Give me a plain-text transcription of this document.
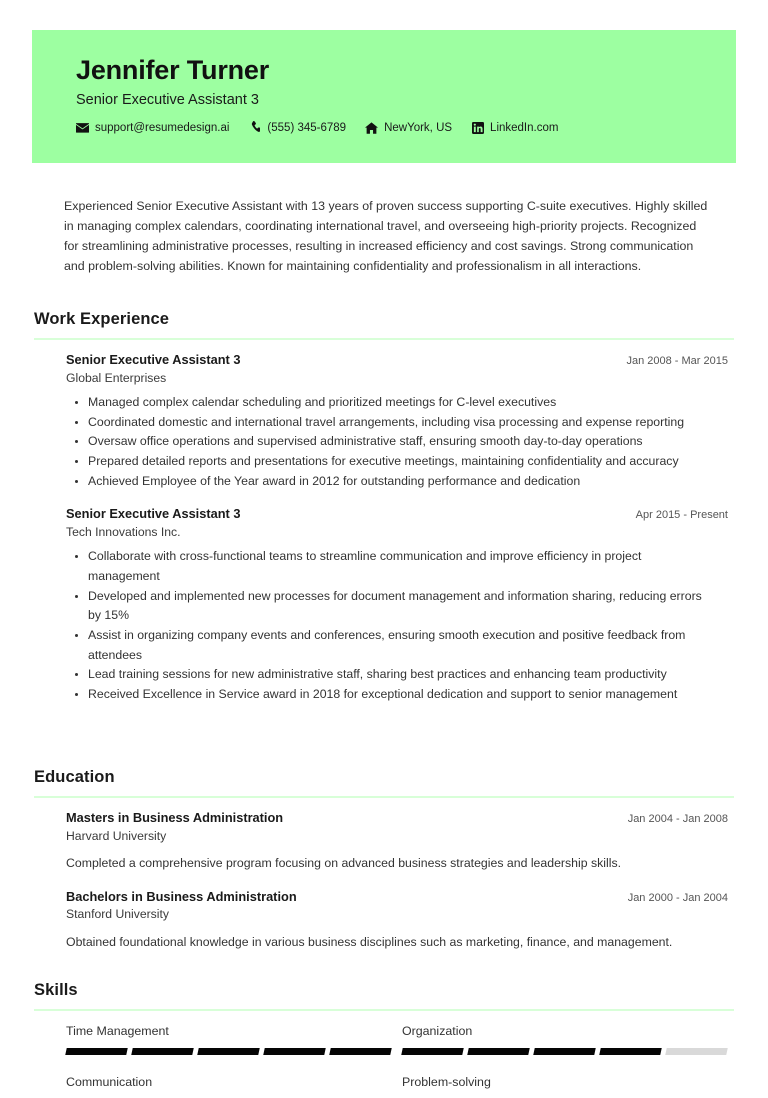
Jennifer Turner
Senior Executive Assistant 3
support@resumedesign.ai	(555) 345-6789	NewYork, US	LinkedIn.com
Experienced Senior Executive Assistant with 13 years of proven success supporting C-suite executives. Highly skilled in managing complex calendars, coordinating international travel, and overseeing high-priority projects. Recognized for streamlining administrative processes, resulting in increased efficiency and cost savings. Strong communication and problem-solving abilities. Known for maintaining confidentiality and professionalism in all interactions.
Work Experience
Senior Executive Assistant 3	Jan 2008 - Mar 2015
Global Enterprises
Managed complex calendar scheduling and prioritized meetings for C-level executives
Coordinated domestic and international travel arrangements, including visa processing and expense reporting
Oversaw office operations and supervised administrative staff, ensuring smooth day-to-day operations
Prepared detailed reports and presentations for executive meetings, maintaining confidentiality and accuracy
Achieved Employee of the Year award in 2012 for outstanding performance and dedication
Senior Executive Assistant 3	Apr 2015 - Present
Tech Innovations Inc.
Collaborate with cross-functional teams to streamline communication and improve efficiency in project management
Developed and implemented new processes for document management and information sharing, reducing errors by 15%
Assist in organizing company events and conferences, ensuring smooth execution and positive feedback from attendees
Lead training sessions for new administrative staff, sharing best practices and enhancing team productivity
Received Excellence in Service award in 2018 for exceptional dedication and support to senior management
Education
Masters in Business Administration	Jan 2004 - Jan 2008
Harvard University
Completed a comprehensive program focusing on advanced business strategies and leadership skills.
Bachelors in Business Administration	Jan 2000 - Jan 2004
Stanford University
Obtained foundational knowledge in various business disciplines such as marketing, finance, and management.
Skills
Time Management	Organization
Communication	Problem-solving
